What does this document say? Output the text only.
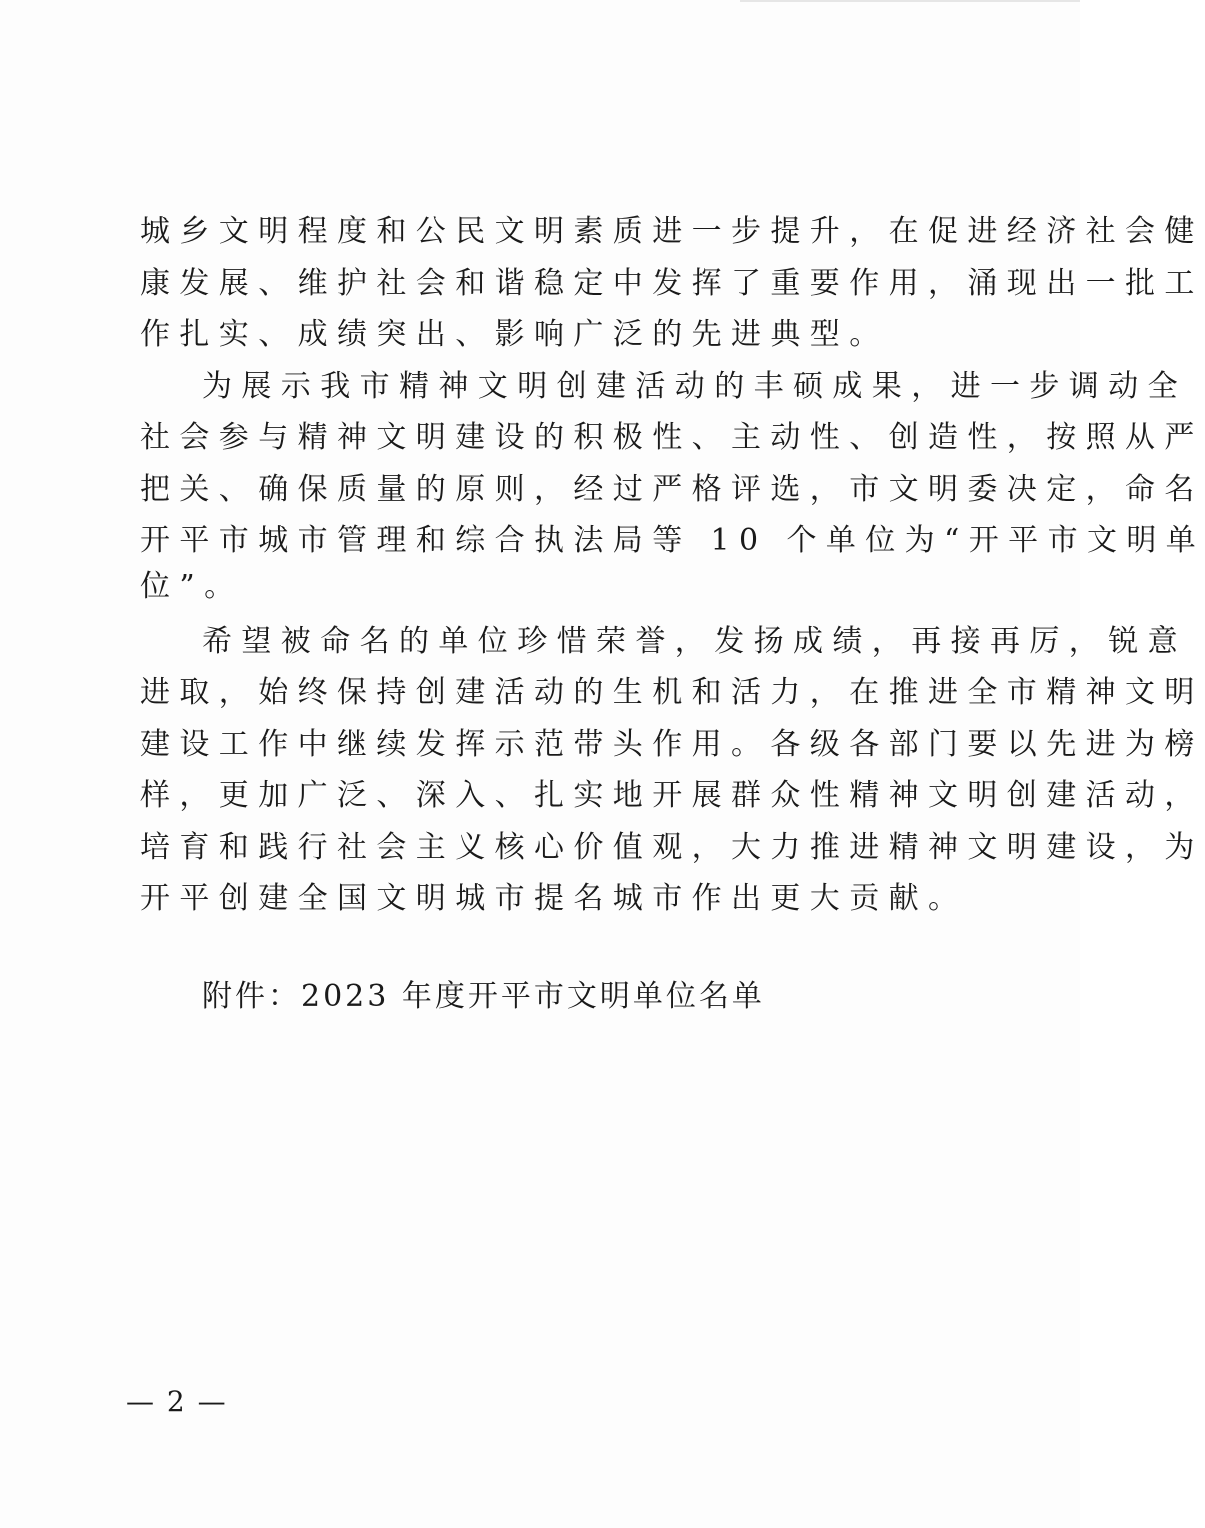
城乡文明程度和公民文明素质进一步提升，在促进经济社会健
康发展、维护社会和谐稳定中发挥了重要作用，涌现出一批工
作扎实、成绩突出、影响广泛的先进典型。
为展示我市精神文明创建活动的丰硕成果，进一步调动全
社会参与精神文明建设的积极性、主动性、创造性，按照从严
把关、确保质量的原则，经过严格评选，市文明委决定，命名
开平市城市管理和综合执法局等 10 个单位为“开平市文明单
位”。
希望被命名的单位珍惜荣誉，发扬成绩，再接再厉，锐意
进取，始终保持创建活动的生机和活力，在推进全市精神文明
建设工作中继续发挥示范带头作用。各级各部门要以先进为榜
样，更加广泛、深入、扎实地开展群众性精神文明创建活动，
培育和践行社会主义核心价值观，大力推进精神文明建设，为
开平创建全国文明城市提名城市作出更大贡献。
附件：2023 年度开平市文明单位名单
— 2 —
